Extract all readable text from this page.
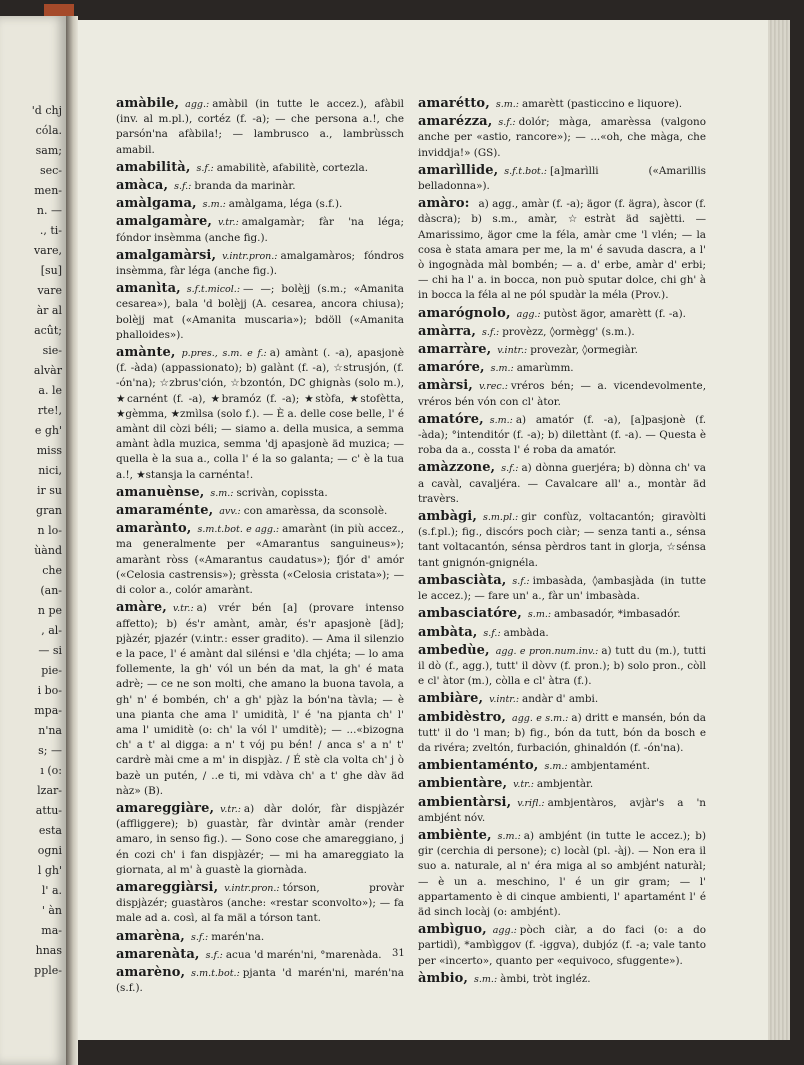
'd chj
cóla.
sam;
sec-
men-
n. —
., ti-
vare,
[su]
vare
àr al
acût;
sie-
alvàr
a. le
rte!,
e gh'
miss
nici,
ir su
gran
n lo-
ùànd
che
(an-
n pe
, al-
— si
pie-
i bo-
mpa-
n'na
s; —
ı (o:
lzar-
attu-
esta
ogni
l gh'
l' a.
' àn
ma-
hnas
pple-

amàbile, agg.: amàbil (in tutte le accez.), afàbil (inv. al m.pl.), cortéz (f. -a); — che persona a.!, che parsón'na afàbila!; — lambrusco a., lambrùssch amabil.

amabilità, s.f.: amabilitè, afabilitè, cortezla.

amàca, s.f.: branda da marinàr.

amàlgama, s.m.: amàlgama, léga (s.f.).

amalgamàre, v.tr.: amalgamàr; fàr 'na léga; fóndor insèmma (anche fig.).

amalgamàrsi, v.intr.pron.: amalgamàros; fóndros insèmma, fàr léga (anche fig.).

amanìta, s.f.t.micol.: — —; bolèjj (s.m.; «Amanita cesarea»), bala 'd bolèjj (A. cesarea, ancora chiusa); bolèjj mat («Amanita muscaria»); bdöll («Amanita phalloides»).

amànte, p.pres., s.m. e f.: a) amànt (. -a), apasjonè (f. -àda) (appassionato); b) galànt (f. -a), ☆strusjón, (f. -ón'na); ☆zbrus'ción, ☆bzontón, DC ghignàs (solo m.), ★carnént (f. -a), ★bramóz (f. -a); ★stòfa, ★stofètta, ★gèmma, ★zmìlsa (solo f.). — È a. delle cose belle, l' é amànt dil còzi béli; — siamo a. della musica, a semma amànt àdla muzica, semma 'dj apasjonè äd muzica; — quella è la sua a., colla l' é la so galanta; — c' è la tua a.!, ★stansja la carnénta!.

amanuènse, s.m.: scrivàn, copissta.

amaraménte, avv.: con amarèssa, da sconsolè.

amarànto, s.m.t.bot. e agg.: amarànt (in più accez., ma generalmente per «Amarantus sanguineus»); amarànt ròss («Amarantus caudatus»); fjór d' amór («Celosia castrensis»); grèssta («Celosia cristata»); — di color a., colór amarànt.

amàre, v.tr.: a) vrér bén [a] (provare intenso affetto); b) és'r amànt, amàr, és'r apasjonè [äd]; pjàzér, pjazér (v.intr.: esser gradito). — Ama il silenzio e la pace, l' é amànt dal silénsi e 'dla chjéta; — lo ama follemente, la gh' vól un bén da mat, la gh' é mata adrè; — ce ne son molti, che amano la buona tavola, a gh' n' é bombén, ch' a gh' pjàz la bón'na tàvla; — è una pianta che ama l' umidità, l' é 'na pjanta ch' l' ama l' umiditè (o: ch' la vól l' umditè); — ...«bizogna ch' a t' al digga: a n' t vój pu bén! / anca s' a n' t' cardrè mài cme a m' in dispjàz. / É stè cla volta ch' j ò bazè un putén, / ..e ti, mi vdàva ch' a t' ghe dàv äd nàz» (B).

amareggiàre, v.tr.: a) dàr dolór, fàr dispjàzér (affliggere); b) guastàr, fàr dvintàr amàr (render amaro, in senso fig.). — Sono cose che amareggiano, j én cozi ch' i fan dispjàzér; — mi ha amareggiato la giornata, al m' à guastè la giornàda.

amareggiàrsi, v.intr.pron.: tórson, provàr dispjàzér; guastàros (anche: «restar sconvolto»); — fa male ad a. così, al fa mäl a tórson tant.

amarèna, s.f.: marén'na.

amarenàta, s.f.: acua 'd marén'ni, °marenàda.

amarèno, s.m.t.bot.: pjanta 'd marén'ni, marén'na (s.f.).

amarétto, s.m.: amarètt (pasticcino e liquore).

amarézza, s.f.: dolór; màga, amarèssa (valgono anche per «astio, rancore»); — ...«oh, che màga, che inviddja!» (GS).

amarìllide, s.f.t.bot.: [a]marìlli («Amarillis belladonna»).

amàro: a) agg., amàr (f. -a); ägor (f. ägra), àscor (f. dàscra); b) s.m., amàr, ☆estràt äd sajètti. — Amarissimo, ägor cme la féla, amàr cme 'l vlén; — la cosa è stata amara per me, la m' é savuda dascra, a l' ò ingognàda màl bombén; — a. d' erbe, amàr d' erbi; — chi ha l' a. in bocca, non può sputar dolce, chi gh' à in bocca la féla al ne pól spudàr la méla (Prov.).

amarógnolo, agg.: putòst ägor, amarètt (f. -a).

amàrra, s.f.: provèzz, ◊ormègg' (s.m.).

amarràre, v.intr.: provezàr, ◊ormegiàr.

amaróre, s.m.: amarùmm.

amàrsi, v.rec.: vréros bén; — a. vicendevolmente, vréros bén vón con cl' àtor.

amatóre, s.m.: a) amatór (f. -a), [a]pasjonè (f. -àda); °intenditór (f. -a); b) dilettànt (f. -a). — Questa è roba da a., cossta l' é roba da amatór.

amàzzone, s.f.: a) dònna guerjéra; b) dònna ch' va a cavàl, cavaljéra. — Cavalcare all' a., montàr äd travèrs.

ambàgi, s.m.pl.: gir confùz, voltacantón; giravòlti (s.f.pl.); fig., discórs poch ciàr; — senza tanti a., sénsa tant voltacantón, sénsa pèrdros tant in glorja, ☆sénsa tant gnignón-gnignéla.

ambasciàta, s.f.: imbasàda, ◊ambasjàda (in tutte le accez.); — fare un' a., fàr un' imbasàda.

ambasciatóre, s.m.: ambasadór, *imbasadór.

ambàta, s.f.: ambàda.

ambedùe, agg. e pron.num.inv.: a) tutt du (m.), tutti il dò (f., agg.), tutt' il dòvv (f. pron.); b) solo pron., còll e cl' àtor (m.), còlla e cl' àtra (f.).

ambiàre, v.intr.: andàr d' ambi.

ambidèstro, agg. e s.m.: a) dritt e mansén, bón da tutt' il do 'l man; b) fig., bón da tutt, bón da bosch e da rivéra; zveltón, furbación, ghinaldón (f. -ón'na).

ambientaménto, s.m.: ambjentamént.

ambientàre, v.tr.: ambjentàr.

ambientàrsi, v.rifl.: ambjentàros, avjàr's a 'n ambjént nóv.

ambiènte, s.m.: a) ambjént (in tutte le accez.); b) gir (cerchia di persone); c) locàl (pl. -àj). — Non era il suo a. naturale, al n' éra miga al so ambjént naturàl; — è un a. meschino, l' é un gir gram; — l' appartamento è di cinque ambienti, l' apartamént l' é äd sinch locàj (o: ambjént).

ambìguo, agg.: pòch ciàr, a do faci (o: a do partidì), *ambìggov (f. -iggva), dubjóz (f. -a; vale tanto per «incerto», quanto per «equivoco, sfuggente»).

àmbio, s.m.: àmbi, tròt ingléz.

31
